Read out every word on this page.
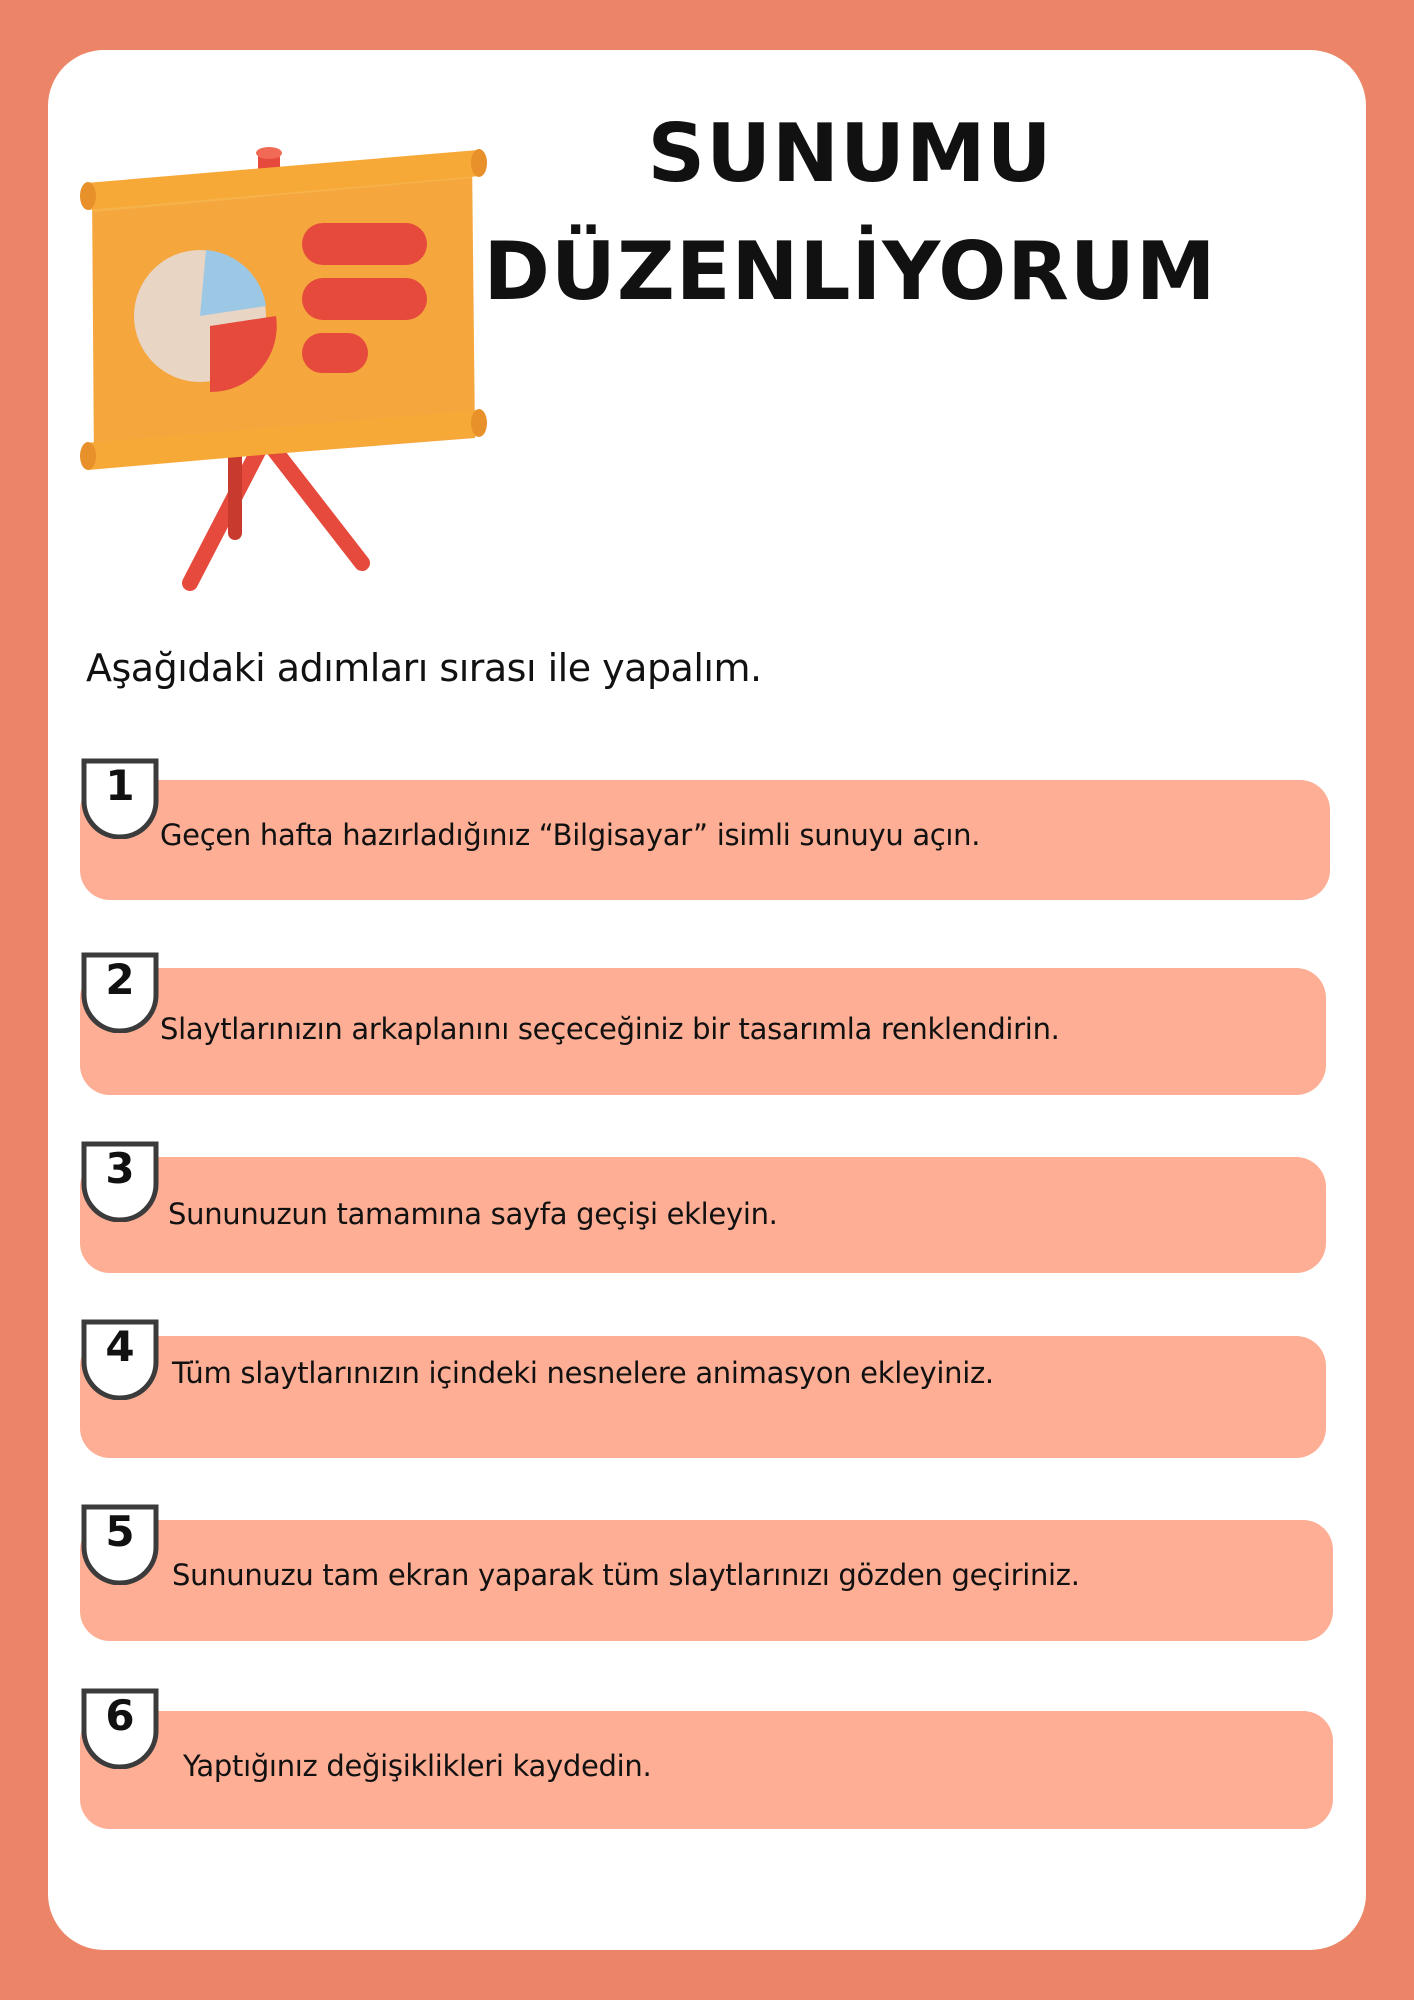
SUNUMU
DÜZENLİYORUM

Aşağıdaki adımları sırası ile yapalım.

Geçen hafta hazırladığınız “Bilgisayar” isimli sunuyu açın.
1
Slaytlarınızın arkaplanını seçeceğiniz bir tasarımla renklendirin.
2
Sununuzun tamamına sayfa geçişi ekleyin.
3
Tüm slaytlarınızın içindeki nesnelere animasyon ekleyiniz.
4
Sununuzu tam ekran yaparak tüm slaytlarınızı gözden geçiriniz.
5
Yaptığınız değişiklikleri kaydedin.
6
